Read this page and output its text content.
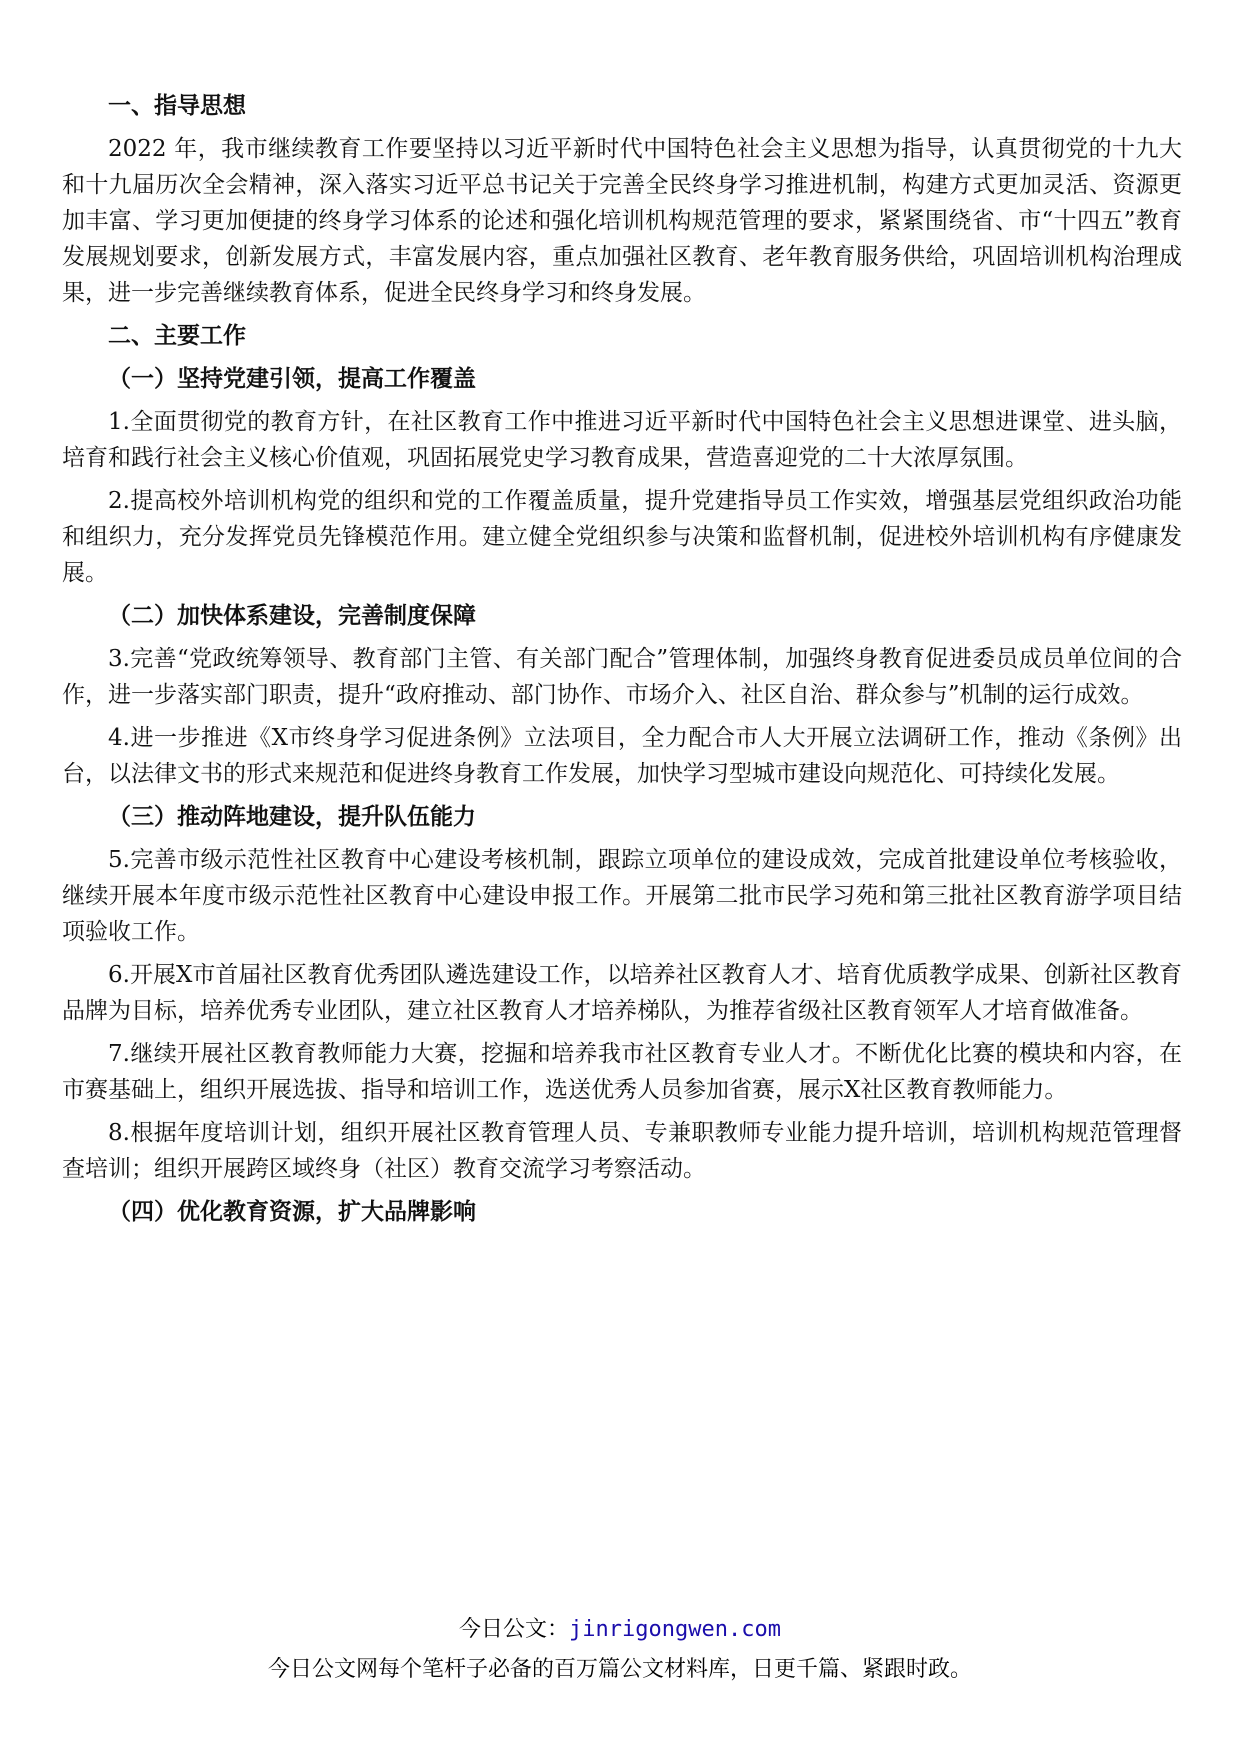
一、指导思想
2022 年，我市继续教育工作要坚持以习近平新时代中国特色社会主义思想为指导，认真贯彻党的十九大和十九届历次全会精神，深入落实习近平总书记关于完善全民终身学习推进机制，构建方式更加灵活、资源更加丰富、学习更加便捷的终身学习体系的论述和强化培训机构规范管理的要求，紧紧围绕省、市“十四五”教育发展规划要求，创新发展方式，丰富发展内容，重点加强社区教育、老年教育服务供给，巩固培训机构治理成果，进一步完善继续教育体系，促进全民终身学习和终身发展。
二、主要工作
（一）坚持党建引领，提高工作覆盖
1.全面贯彻党的教育方针，在社区教育工作中推进习近平新时代中国特色社会主义思想进课堂、进头脑，培育和践行社会主义核心价值观，巩固拓展党史学习教育成果，营造喜迎党的二十大浓厚氛围。
2.提高校外培训机构党的组织和党的工作覆盖质量，提升党建指导员工作实效，增强基层党组织政治功能和组织力，充分发挥党员先锋模范作用。建立健全党组织参与决策和监督机制，促进校外培训机构有序健康发展。
（二）加快体系建设，完善制度保障
3.完善“党政统筹领导、教育部门主管、有关部门配合”管理体制，加强终身教育促进委员成员单位间的合作，进一步落实部门职责，提升“政府推动、部门协作、市场介入、社区自治、群众参与”机制的运行成效。
4.进一步推进《X市终身学习促进条例》立法项目，全力配合市人大开展立法调研工作，推动《条例》出台，以法律文书的形式来规范和促进终身教育工作发展，加快学习型城市建设向规范化、可持续化发展。
（三）推动阵地建设，提升队伍能力
5.完善市级示范性社区教育中心建设考核机制，跟踪立项单位的建设成效，完成首批建设单位考核验收，继续开展本年度市级示范性社区教育中心建设申报工作。开展第二批市民学习苑和第三批社区教育游学项目结项验收工作。
6.开展X市首届社区教育优秀团队遴选建设工作，以培养社区教育人才、培育优质教学成果、创新社区教育品牌为目标，培养优秀专业团队，建立社区教育人才培养梯队，为推荐省级社区教育领军人才培育做准备。
7.继续开展社区教育教师能力大赛，挖掘和培养我市社区教育专业人才。不断优化比赛的模块和内容，在市赛基础上，组织开展选拔、指导和培训工作，选送优秀人员参加省赛，展示X社区教育教师能力。
8.根据年度培训计划，组织开展社区教育管理人员、专兼职教师专业能力提升培训，培训机构规范管理督查培训；组织开展跨区域终身（社区）教育交流学习考察活动。
（四）优化教育资源，扩大品牌影响
今日公文：jinrigongwen.com
今日公文网每个笔杆子必备的百万篇公文材料库，日更千篇、紧跟时政。
